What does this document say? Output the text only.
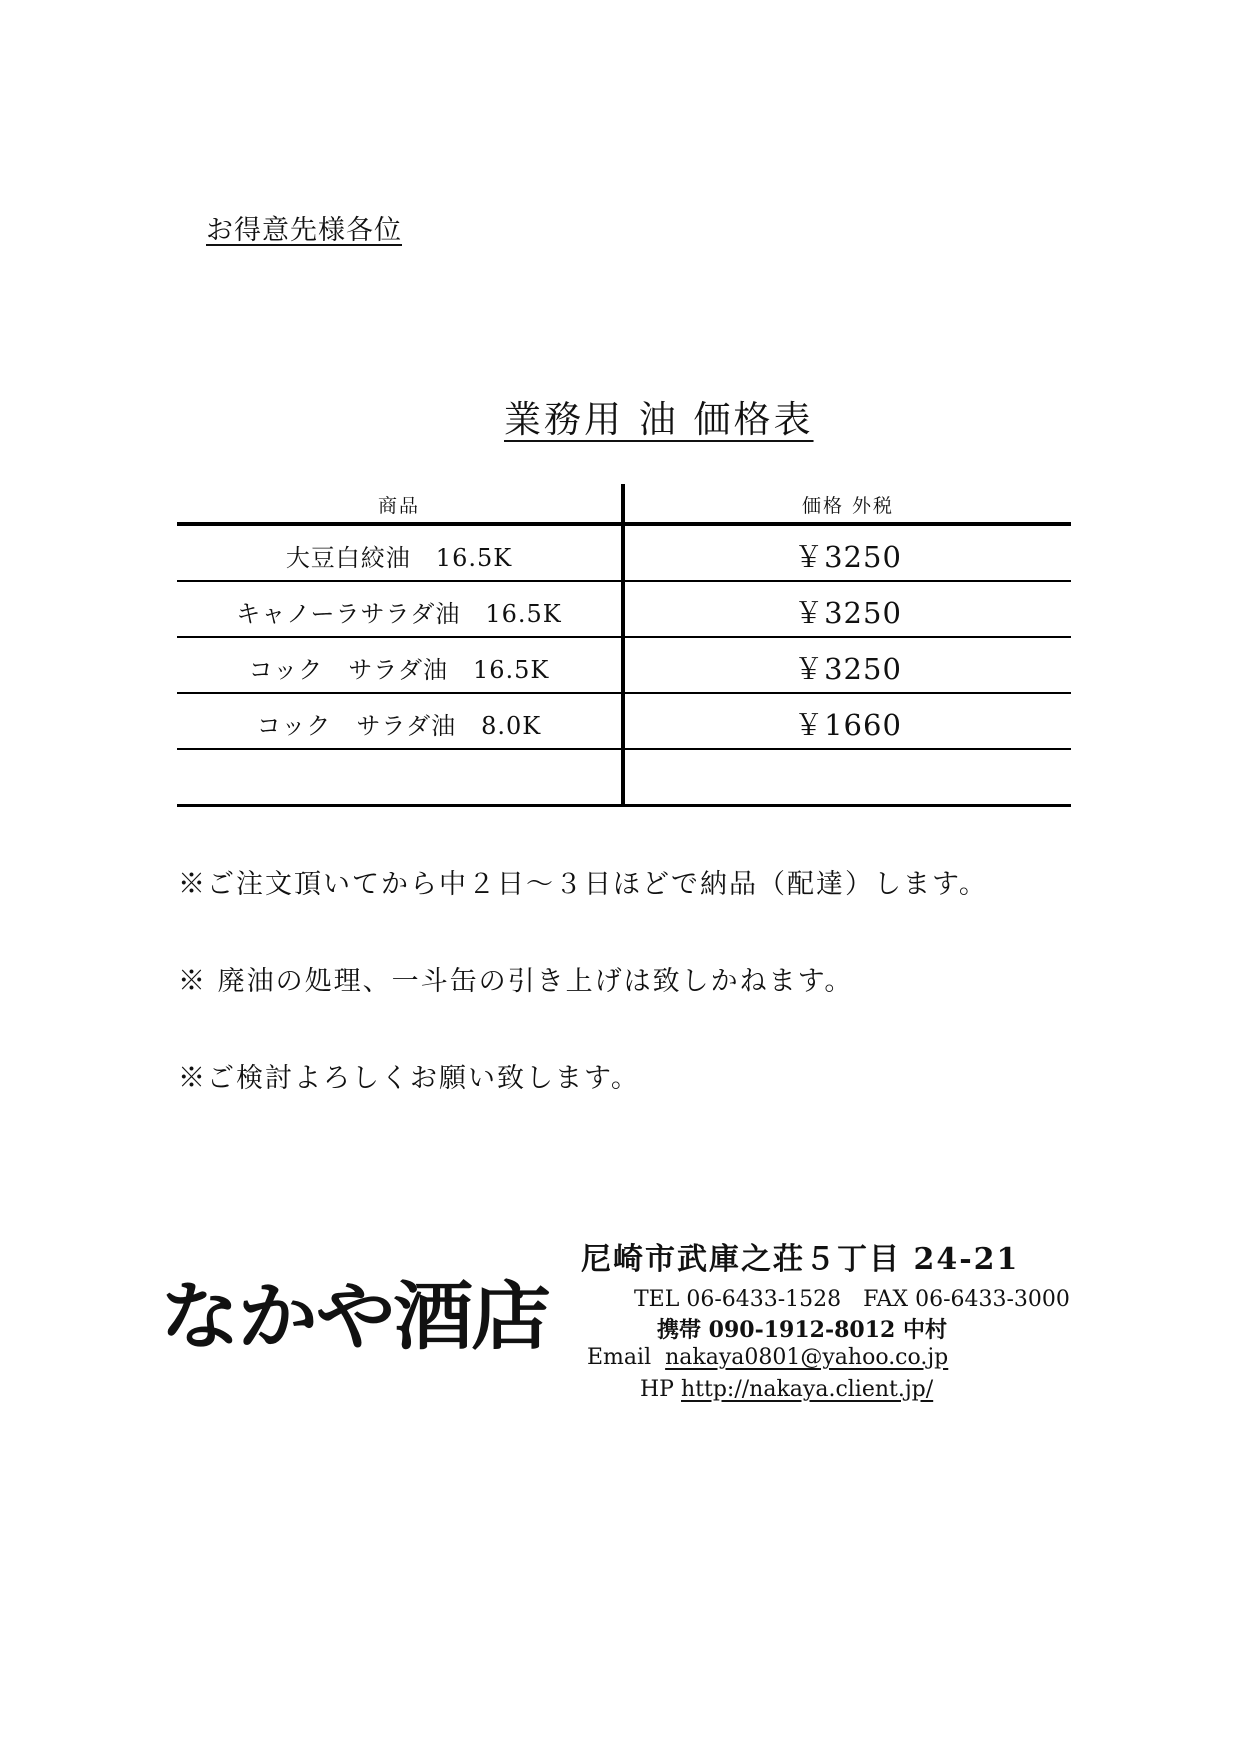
お得意先様各位

業務用 油 価格表

商品	価格 外税
大豆白絞油　16.5K	￥3250
キャノーラサラダ油　16.5K	￥3250
コック　サラダ油　16.5K	￥3250
コック　サラダ油　8.0K	￥1660

※ご注文頂いてから中２日～３日ほどで納品（配達）します。
※ 廃油の処理、一斗缶の引き上げは致しかねます。
※ご検討よろしくお願い致します。
なかや酒店
尼崎市武庫之荘５丁目 24-21
TEL 06-6433-1528　FAX 06-6433-3000
携帯 090-1912-8012 中村
Email nakaya0801@yahoo.co.jp
HP http://nakaya.client.jp/
